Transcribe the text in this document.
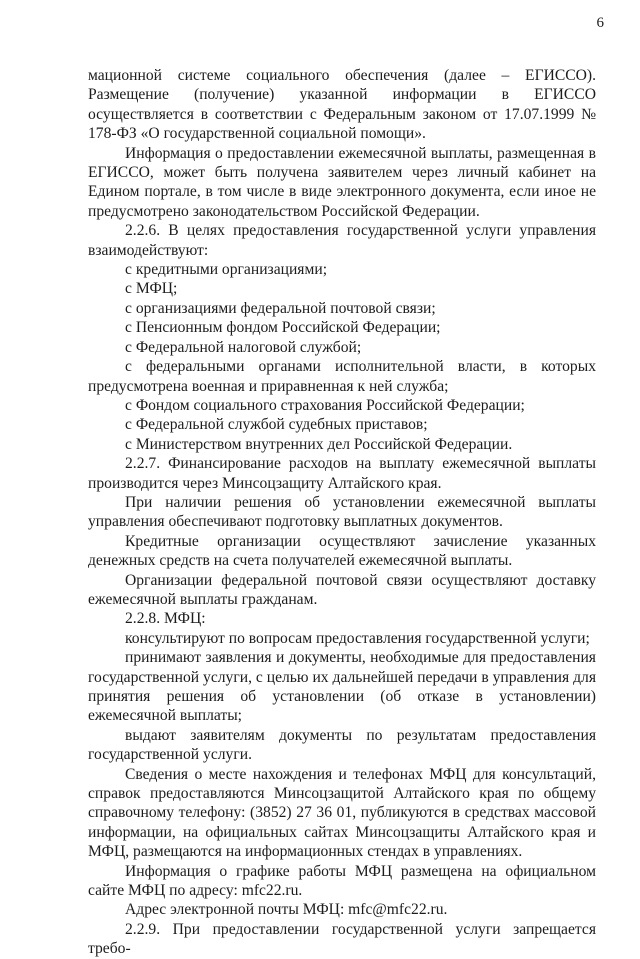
6

мационной системе социального обеспечения (далее – ЕГИССО). Размещение (получение) указанной информации в ЕГИССО осуществляется в соответствии с Федеральным законом от 17.07.1999 № 178-ФЗ «О государственной социальной помощи».

Информация о предоставлении ежемесячной выплаты, размещенная в ЕГИССО, может быть получена заявителем через личный кабинет на Едином портале, в том числе в виде электронного документа, если иное не предусмотрено законодательством Российской Федерации.

2.2.6. В целях предоставления государственной услуги управления взаимодействуют:

с кредитными организациями;

с МФЦ;

с организациями федеральной почтовой связи;

с Пенсионным фондом Российской Федерации;

с Федеральной налоговой службой;

с федеральными органами исполнительной власти, в которых предусмотрена военная и приравненная к ней служба;

с Фондом социального страхования Российской Федерации;

с Федеральной службой судебных приставов;

с Министерством внутренних дел Российской Федерации.

2.2.7. Финансирование расходов на выплату ежемесячной выплаты производится через Минсоцзащиту Алтайского края.

При наличии решения об установлении ежемесячной выплаты управления обеспечивают подготовку выплатных документов.

Кредитные организации осуществляют зачисление указанных денежных средств на счета получателей ежемесячной выплаты.

Организации федеральной почтовой связи осуществляют доставку ежемесячной выплаты гражданам.

2.2.8. МФЦ:

консультируют по вопросам предоставления государственной услуги;

принимают заявления и документы, необходимые для предоставления государственной услуги, с целью их дальнейшей передачи в управления для принятия решения об установлении (об отказе в установлении) ежемесячной выплаты;

выдают заявителям документы по результатам предоставления государственной услуги.

Сведения о месте нахождения и телефонах МФЦ для консультаций, справок предоставляются Минсоцзащитой Алтайского края по общему справочному телефону: (3852) 27 36 01, публикуются в средствах массовой информации, на официальных сайтах Минсоцзащиты Алтайского края и МФЦ, размещаются на информационных стендах в управлениях.

Информация о графике работы МФЦ размещена на официальном сайте МФЦ по адресу: mfc22.ru.

Адрес электронной почты МФЦ: mfc@mfc22.ru.

2.2.9. При предоставлении государственной услуги запрещается требо-
